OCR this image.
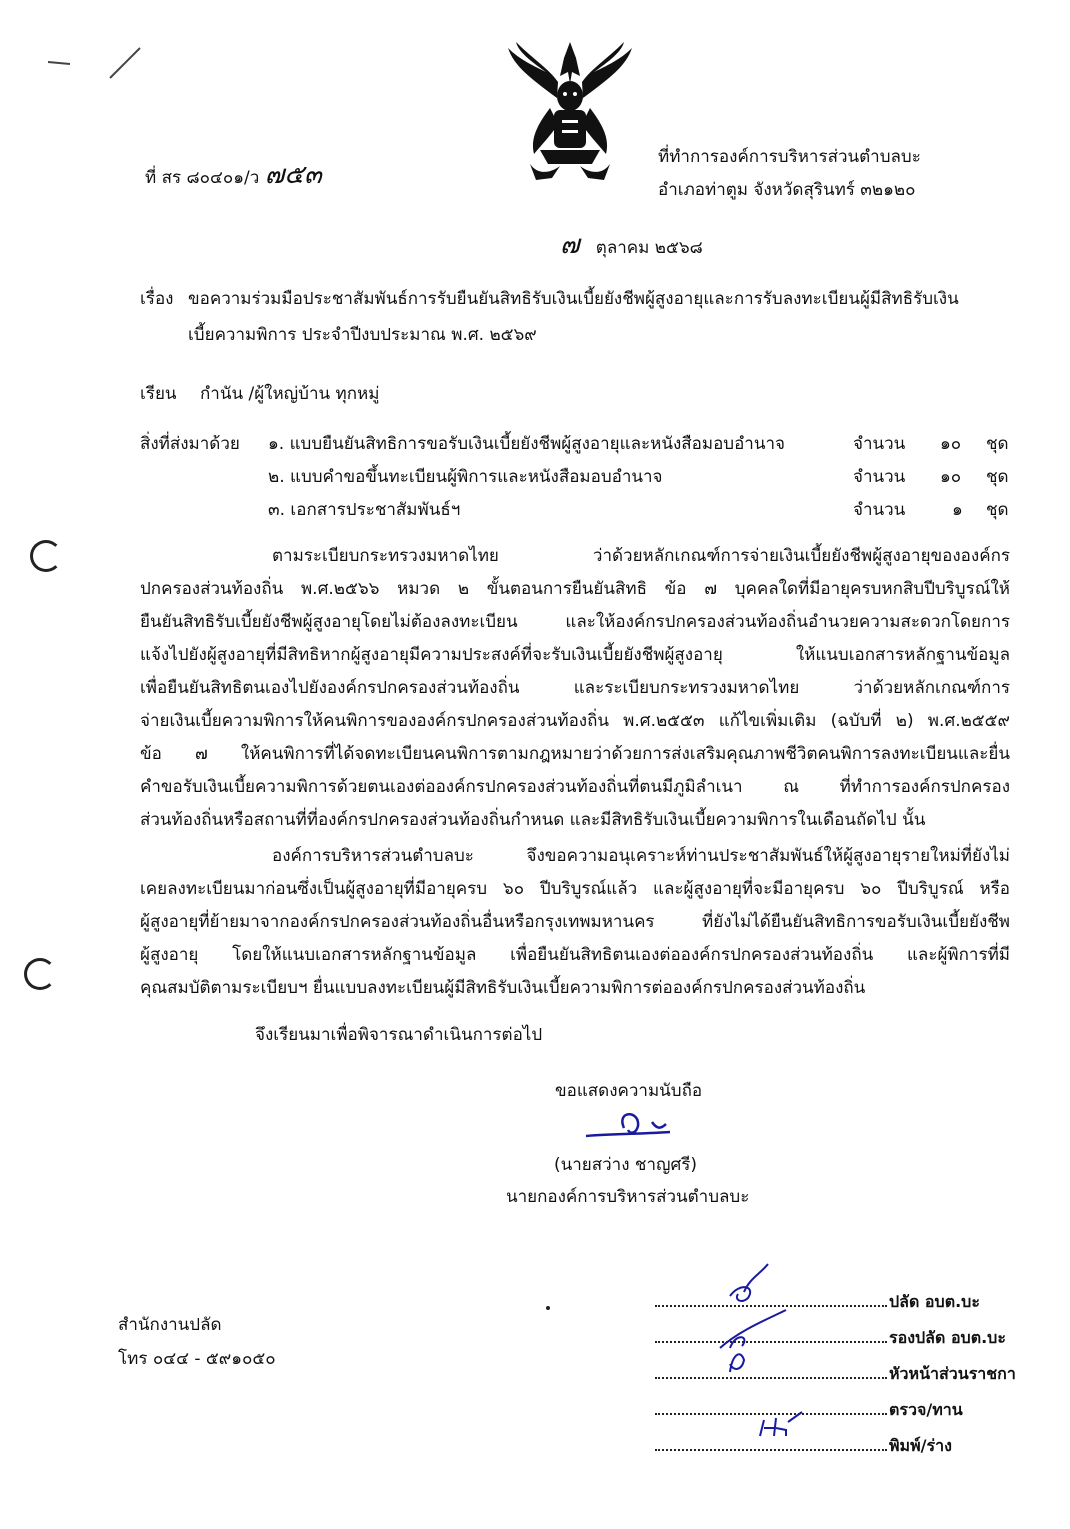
ที่ สร ๘๐๔๐๑/ว ๗๕๓
ที่ทำการองค์การบริหารส่วนตำบลบะ
อำเภอท่าตูม จังหวัดสุรินทร์ ๓๒๑๒๐
๗ ตุลาคม ๒๕๖๘
เรื่อง ขอความร่วมมือประชาสัมพันธ์การรับยืนยันสิทธิรับเงินเบี้ยยังชีพผู้สูงอายุและการรับลงทะเบียนผู้มีสิทธิรับเงิน
เบี้ยความพิการ ประจำปีงบประมาณ พ.ศ. ๒๕๖๙
เรียน กำนัน /ผู้ใหญ่บ้าน ทุกหมู่
สิ่งที่ส่งมาด้วย ๑. แบบยืนยันสิทธิการขอรับเงินเบี้ยยังชีพผู้สูงอายุและหนังสือมอบอำนาจ
๒. แบบคำขอขึ้นทะเบียนผู้พิการและหนังสือมอบอำนาจ
๓. เอกสารประชาสัมพันธ์ฯ
จำนวน ๑๐ ชุด
จำนวน ๑๐ ชุด
จำนวน	๑ ชุด
ตามระเบียบกระทรวงมหาดไทย ว่าด้วยหลักเกณฑ์การจ่ายเงินเบี้ยยังชีพผู้สูงอายุขององค์กร
ปกครองส่วนท้องถิ่น พ.ศ.๒๕๖๖ หมวด ๒ ขั้นตอนการยืนยันสิทธิ ข้อ ๗ บุคคลใดที่มีอายุครบหกสิบปีบริบูรณ์ให้
ยืนยันสิทธิรับเบี้ยยังชีพผู้สูงอายุโดยไม่ต้องลงทะเบียน และให้องค์กรปกครองส่วนท้องถิ่นอำนวยความสะดวกโดยการ
แจ้งไปยังผู้สูงอายุที่มีสิทธิหากผู้สูงอายุมีความประสงค์ที่จะรับเงินเบี้ยยังชีพผู้สูงอายุ ให้แนบเอกสารหลักฐานข้อมูล
เพื่อยืนยันสิทธิตนเองไปยังองค์กรปกครองส่วนท้องถิ่น และระเบียบกระทรวงมหาดไทย ว่าด้วยหลักเกณฑ์การ
จ่ายเงินเบี้ยความพิการให้คนพิการขององค์กรปกครองส่วนท้องถิ่น พ.ศ.๒๕๕๓ แก้ไขเพิ่มเติม (ฉบับที่ ๒) พ.ศ.๒๕๕๙
ข้อ ๗ ให้คนพิการที่ได้จดทะเบียนคนพิการตามกฎหมายว่าด้วยการส่งเสริมคุณภาพชีวิตคนพิการลงทะเบียนและยื่น
คำขอรับเงินเบี้ยความพิการด้วยตนเองต่อองค์กรปกครองส่วนท้องถิ่นที่ตนมีภูมิลำเนา ณ ที่ทำการองค์กรปกครอง
ส่วนท้องถิ่นหรือสถานที่ที่องค์กรปกครองส่วนท้องถิ่นกำหนด และมีสิทธิรับเงินเบี้ยความพิการในเดือนถัดไป นั้น
องค์การบริหารส่วนตำบลบะ จึงขอความอนุเคราะห์ท่านประชาสัมพันธ์ให้ผู้สูงอายุรายใหม่ที่ยังไม่
เคยลงทะเบียนมาก่อนซึ่งเป็นผู้สูงอายุที่มีอายุครบ ๖๐ ปีบริบูรณ์แล้ว และผู้สูงอายุที่จะมีอายุครบ ๖๐ ปีบริบูรณ์ หรือ
ผู้สูงอายุที่ย้ายมาจากองค์กรปกครองส่วนท้องถิ่นอื่นหรือกรุงเทพมหานคร ที่ยังไม่ได้ยืนยันสิทธิการขอรับเงินเบี้ยยังชีพ
ผู้สูงอายุ โดยให้แนบเอกสารหลักฐานข้อมูล เพื่อยืนยันสิทธิตนเองต่อองค์กรปกครองส่วนท้องถิ่น และผู้พิการที่มี
คุณสมบัติตามระเบียบฯ ยื่นแบบลงทะเบียนผู้มีสิทธิรับเงินเบี้ยความพิการต่อองค์กรปกครองส่วนท้องถิ่น
จึงเรียนมาเพื่อพิจารณาดำเนินการต่อไป
ขอแสดงความนับถือ
(นายสว่าง ชาญศรี)
นายกองค์การบริหารส่วนตำบลบะ
สำนักงานปลัด
โทร ๐๔๔ - ๕๙๑๐๕๐
ปลัด อบต.บะ
รองปลัด อบต.บะ
หัวหน้าส่วนราชกา
ตรวจ/ทาน
พิมพ์/ร่าง
